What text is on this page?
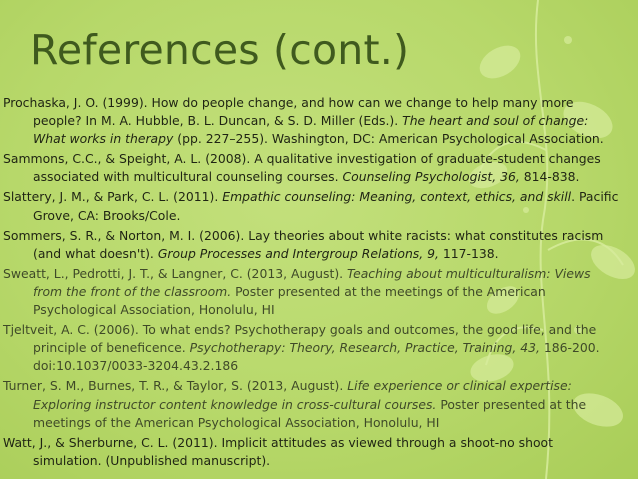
References (cont.)

Prochaska, J. O. (1999). How do people change, and how can we change to help many more people? In M. A. Hubble, B. L. Duncan, & S. D. Miller (Eds.). The heart and soul of change: What works in therapy (pp. 227–255). Washington, DC: American Psychological Association.

Sammons, C.C., & Speight, A. L. (2008). A qualitative investigation of graduate-student changes associated with multicultural counseling courses. Counseling Psychologist, 36, 814-838.

Slattery, J. M., & Park, C. L. (2011). Empathic counseling: Meaning, context, ethics, and skill. Pacific Grove, CA: Brooks/Cole.

Sommers, S. R., & Norton, M. I. (2006). Lay theories about white racists: what constitutes racism (and what doesn't). Group Processes and Intergroup Relations, 9, 117-138.

Sweatt, L., Pedrotti, J. T., & Langner, C. (2013, August). Teaching about multiculturalism: Views from the front of the classroom. Poster presented at the meetings of the American Psychological Association, Honolulu, HI

Tjeltveit, A. C. (2006). To what ends? Psychotherapy goals and outcomes, the good life, and the principle of beneficence. Psychotherapy: Theory, Research, Practice, Training, 43, 186-200. doi:10.1037/0033-3204.43.2.186

Turner, S. M., Burnes, T. R., & Taylor, S. (2013, August). Life experience or clinical expertise: Exploring instructor content knowledge in cross-cultural courses. Poster presented at the meetings of the American Psychological Association, Honolulu, HI

Watt, J., & Sherburne, C. L. (2011). Implicit attitudes as viewed through a shoot-no shoot simulation. (Unpublished manuscript).
